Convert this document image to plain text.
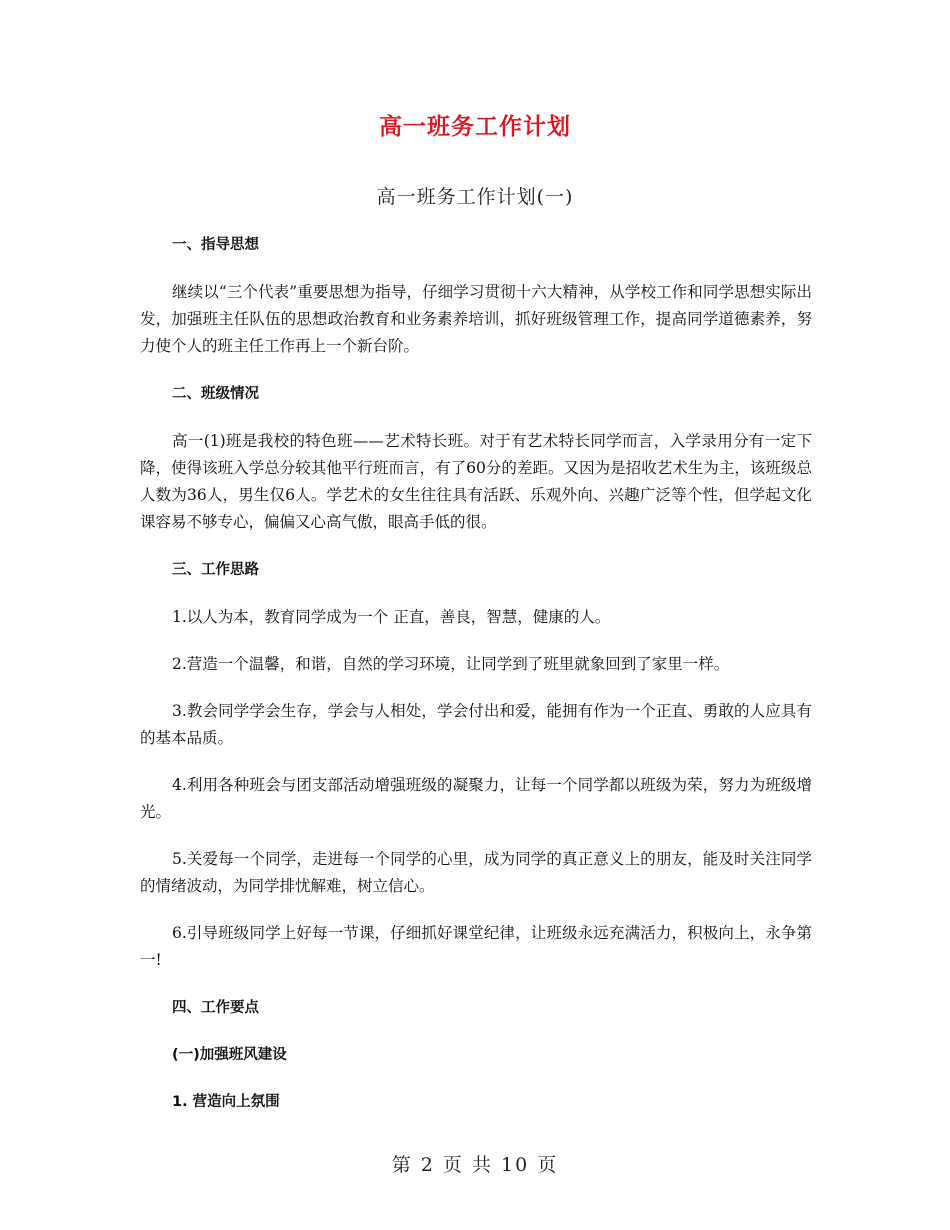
高一班务工作计划
高一班务工作计划(一)

一、指导思想

继续以“三个代表”重要思想为指导，仔细学习贯彻十六大精神，从学校工作和同学思想实际出发，加强班主任队伍的思想政治教育和业务素养培训，抓好班级管理工作，提高同学道德素养，努力使个人的班主任工作再上一个新台阶。

二、班级情况

高一(1)班是我校的特色班——艺术特长班。对于有艺术特长同学而言，入学录用分有一定下降，使得该班入学总分较其他平行班而言，有了60分的差距。又因为是招收艺术生为主，该班级总人数为36人，男生仅6人。学艺术的女生往往具有活跃、乐观外向、兴趣广泛等个性，但学起文化课容易不够专心，偏偏又心高气傲，眼高手低的很。

三、工作思路

1.以人为本，教育同学成为一个 正直，善良，智慧，健康的人。

2.营造一个温馨，和谐，自然的学习环境，让同学到了班里就象回到了家里一样。

3.教会同学学会生存，学会与人相处，学会付出和爱，能拥有作为一个正直、勇敢的人应具有的基本品质。

4.利用各种班会与团支部活动增强班级的凝聚力，让每一个同学都以班级为荣，努力为班级增光。

5.关爱每一个同学，走进每一个同学的心里，成为同学的真正意义上的朋友，能及时关注同学的情绪波动，为同学排忧解难，树立信心。

6.引导班级同学上好每一节课，仔细抓好课堂纪律，让班级永远充满活力，积极向上，永争第一!

四、工作要点

(一)加强班风建设

1. 营造向上氛围

第 2 页 共 10 页
